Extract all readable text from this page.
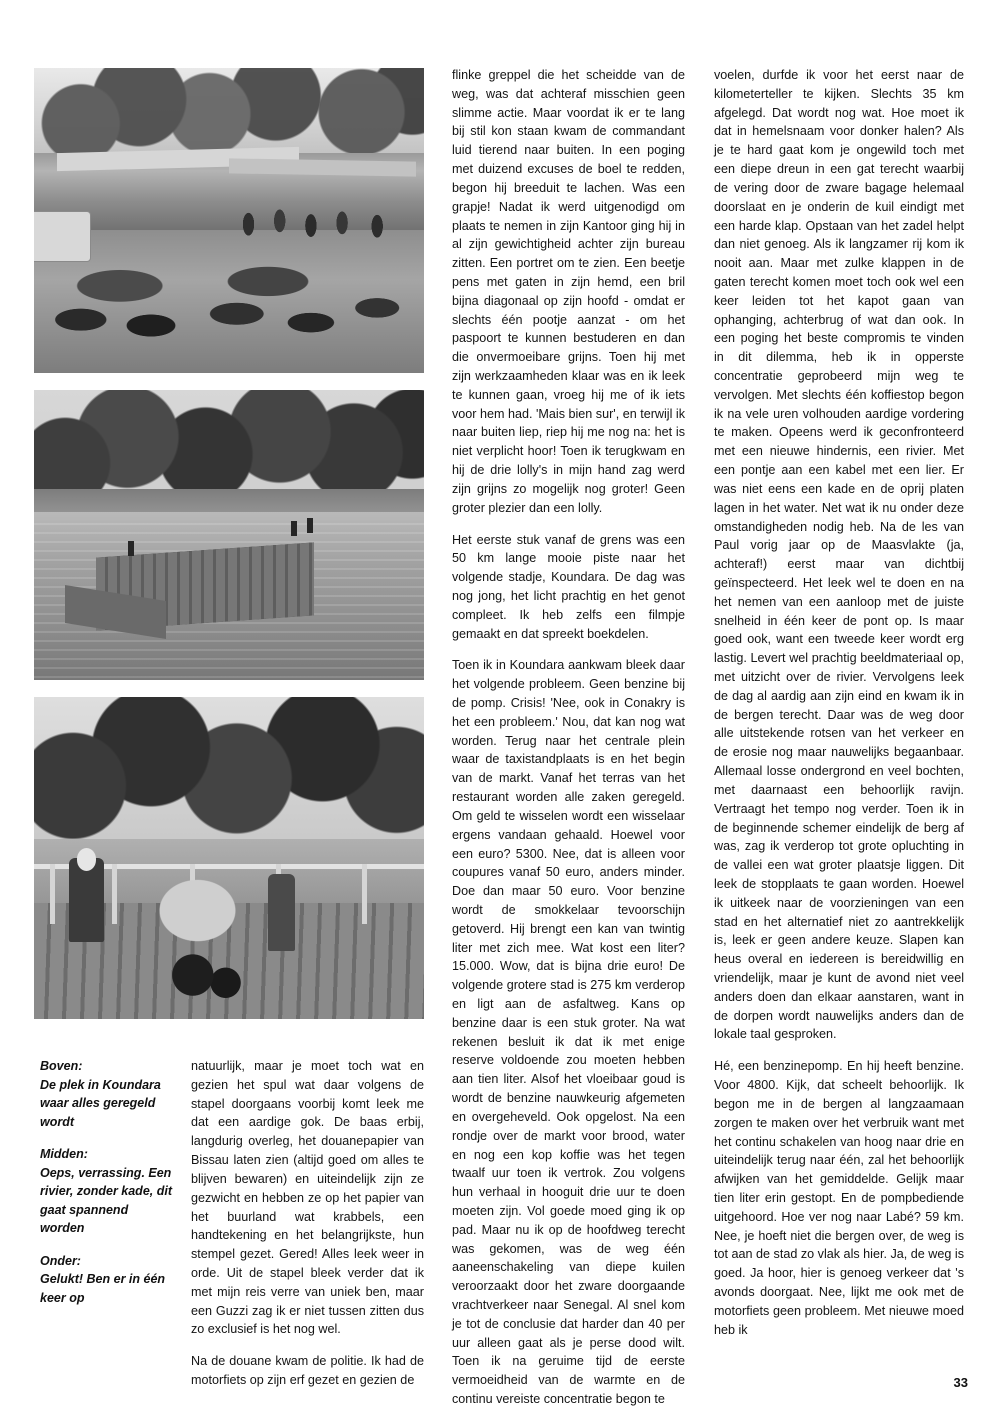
Boven:
De plek in Koundara waar alles geregeld wordt
Midden:
Oeps, verrassing. Een rivier, zonder kade, dit gaat spannend worden
Onder:
Gelukt! Ben er in één keer op

natuurlijk, maar je moet toch wat en gezien het spul wat daar volgens de stapel doorgaans voorbij komt leek me dat een aardige gok. De baas erbij, langdurig overleg, het douanepapier van Bissau laten zien (altijd goed om alles te blijven bewaren) en uiteindelijk zijn ze gezwicht en hebben ze op het papier van het buurland wat krabbels, een handtekening en het belangrijkste, hun stempel gezet. Gered! Alles leek weer in orde. Uit de stapel bleek verder dat ik met mijn reis verre van uniek ben, maar een Guzzi zag ik er niet tussen zitten dus zo exclusief is het nog wel.

Na de douane kwam de politie. Ik had de motorfiets op zijn erf gezet en gezien de

flinke greppel die het scheidde van de weg, was dat achteraf misschien geen slimme actie. Maar voordat ik er te lang bij stil kon staan kwam de commandant luid tierend naar buiten. In een poging met duizend excuses de boel te redden, begon hij breeduit te lachen. Was een grapje! Nadat ik werd uitgenodigd om plaats te nemen in zijn Kantoor ging hij in al zijn gewichtigheid achter zijn bureau zitten. Een portret om te zien. Een beetje pens met gaten in zijn hemd, een bril bijna diagonaal op zijn hoofd - omdat er slechts één pootje aanzat - om het paspoort te kunnen bestuderen en dan die onvermoeibare grijns. Toen hij met zijn werkzaamheden klaar was en ik leek te kunnen gaan, vroeg hij me of ik iets voor hem had. 'Mais bien sur', en terwijl ik naar buiten liep, riep hij me nog na: het is niet verplicht hoor! Toen ik terugkwam en hij de drie lolly's in mijn hand zag werd zijn grijns zo mogelijk nog groter! Geen groter plezier dan een lolly.

Het eerste stuk vanaf de grens was een 50 km lange mooie piste naar het volgende stadje, Koundara. De dag was nog jong, het licht prachtig en het genot compleet. Ik heb zelfs een filmpje gemaakt en dat spreekt boekdelen.

Toen ik in Koundara aankwam bleek daar het volgende probleem. Geen benzine bij de pomp. Crisis! 'Nee, ook in Conakry is het een probleem.' Nou, dat kan nog wat worden. Terug naar het centrale plein waar de taxistandplaats is en het begin van de markt. Vanaf het terras van het restaurant worden alle zaken geregeld. Om geld te wisselen wordt een wisselaar ergens vandaan gehaald. Hoewel voor een euro? 5300. Nee, dat is alleen voor coupures vanaf 50 euro, anders minder. Doe dan maar 50 euro. Voor benzine wordt de smokkelaar tevoorschijn getoverd. Hij brengt een kan van twintig liter met zich mee. Wat kost een liter? 15.000. Wow, dat is bijna drie euro! De volgende grotere stad is 275 km verderop en ligt aan de asfaltweg. Kans op benzine daar is een stuk groter. Na wat rekenen besluit ik dat ik met enige reserve voldoende zou moeten hebben aan tien liter. Alsof het vloeibaar goud is wordt de benzine nauwkeurig afgemeten en overgeheveld. Ook opgelost. Na een rondje over de markt voor brood, water en nog een kop koffie was het tegen twaalf uur toen ik vertrok. Zou volgens hun verhaal in hooguit drie uur te doen moeten zijn. Vol goede moed ging ik op pad. Maar nu ik op de hoofdweg terecht was gekomen, was de weg één aaneenschakeling van diepe kuilen veroorzaakt door het zware doorgaande vrachtverkeer naar Senegal. Al snel kom je tot de conclusie dat harder dan 40 per uur alleen gaat als je perse dood wilt. Toen ik na geruime tijd de eerste vermoeidheid van de warmte en de continu vereiste concentratie begon te

voelen, durfde ik voor het eerst naar de kilometerteller te kijken. Slechts 35 km afgelegd. Dat wordt nog wat. Hoe moet ik dat in hemelsnaam voor donker halen? Als je te hard gaat kom je ongewild toch met een diepe dreun in een gat terecht waarbij de vering door de zware bagage helemaal doorslaat en je onderin de kuil eindigt met een harde klap. Opstaan van het zadel helpt dan niet genoeg. Als ik langzamer rij kom ik nooit aan. Maar met zulke klappen in de gaten terecht komen moet toch ook wel een keer leiden tot het kapot gaan van ophanging, achterbrug of wat dan ook. In een poging het beste compromis te vinden in dit dilemma, heb ik in opperste concentratie geprobeerd mijn weg te vervolgen. Met slechts één koffiestop begon ik na vele uren volhouden aardige vordering te maken. Opeens werd ik geconfronteerd met een nieuwe hindernis, een rivier. Met een pontje aan een kabel met een lier. Er was niet eens een kade en de oprij platen lagen in het water. Net wat ik nu onder deze omstandigheden nodig heb. Na de les van Paul vorig jaar op de Maasvlakte (ja, achteraf!) eerst maar van dichtbij geïnspecteerd. Het leek wel te doen en na het nemen van een aanloop met de juiste snelheid in één keer de pont op. Is maar goed ook, want een tweede keer wordt erg lastig. Levert wel prachtig beeldmateriaal op, met uitzicht over de rivier. Vervolgens leek de dag al aardig aan zijn eind en kwam ik in de bergen terecht. Daar was de weg door alle uitstekende rotsen van het verkeer en de erosie nog maar nauwelijks begaanbaar. Allemaal losse ondergrond en veel bochten, met daarnaast een behoorlijk ravijn. Vertraagt het tempo nog verder. Toen ik in de beginnende schemer eindelijk de berg af was, zag ik verderop tot grote opluchting in de vallei een wat groter plaatsje liggen. Dit leek de stopplaats te gaan worden. Hoewel ik uitkeek naar de voorzieningen van een stad en het alternatief niet zo aantrekkelijk is, leek er geen andere keuze. Slapen kan heus overal en iedereen is bereidwillig en vriendelijk, maar je kunt de avond niet veel anders doen dan elkaar aanstaren, want in de dorpen wordt nauwelijks anders dan de lokale taal gesproken.

Hé, een benzinepomp. En hij heeft benzine. Voor 4800. Kijk, dat scheelt behoorlijk. Ik begon me in de bergen al langzaamaan zorgen te maken over het verbruik want met het continu schakelen van hoog naar drie en uiteindelijk terug naar één, zal het behoorlijk afwijken van het gemiddelde. Gelijk maar tien liter erin gestopt. En de pompbediende uitgehoord. Hoe ver nog naar Labé? 59 km. Nee, je hoeft niet die bergen over, de weg is tot aan de stad zo vlak als hier. Ja, de weg is goed. Ja hoor, hier is genoeg verkeer dat 's avonds doorgaat. Nee, lijkt me ook met de motorfiets geen probleem. Met nieuwe moed heb ik

33
